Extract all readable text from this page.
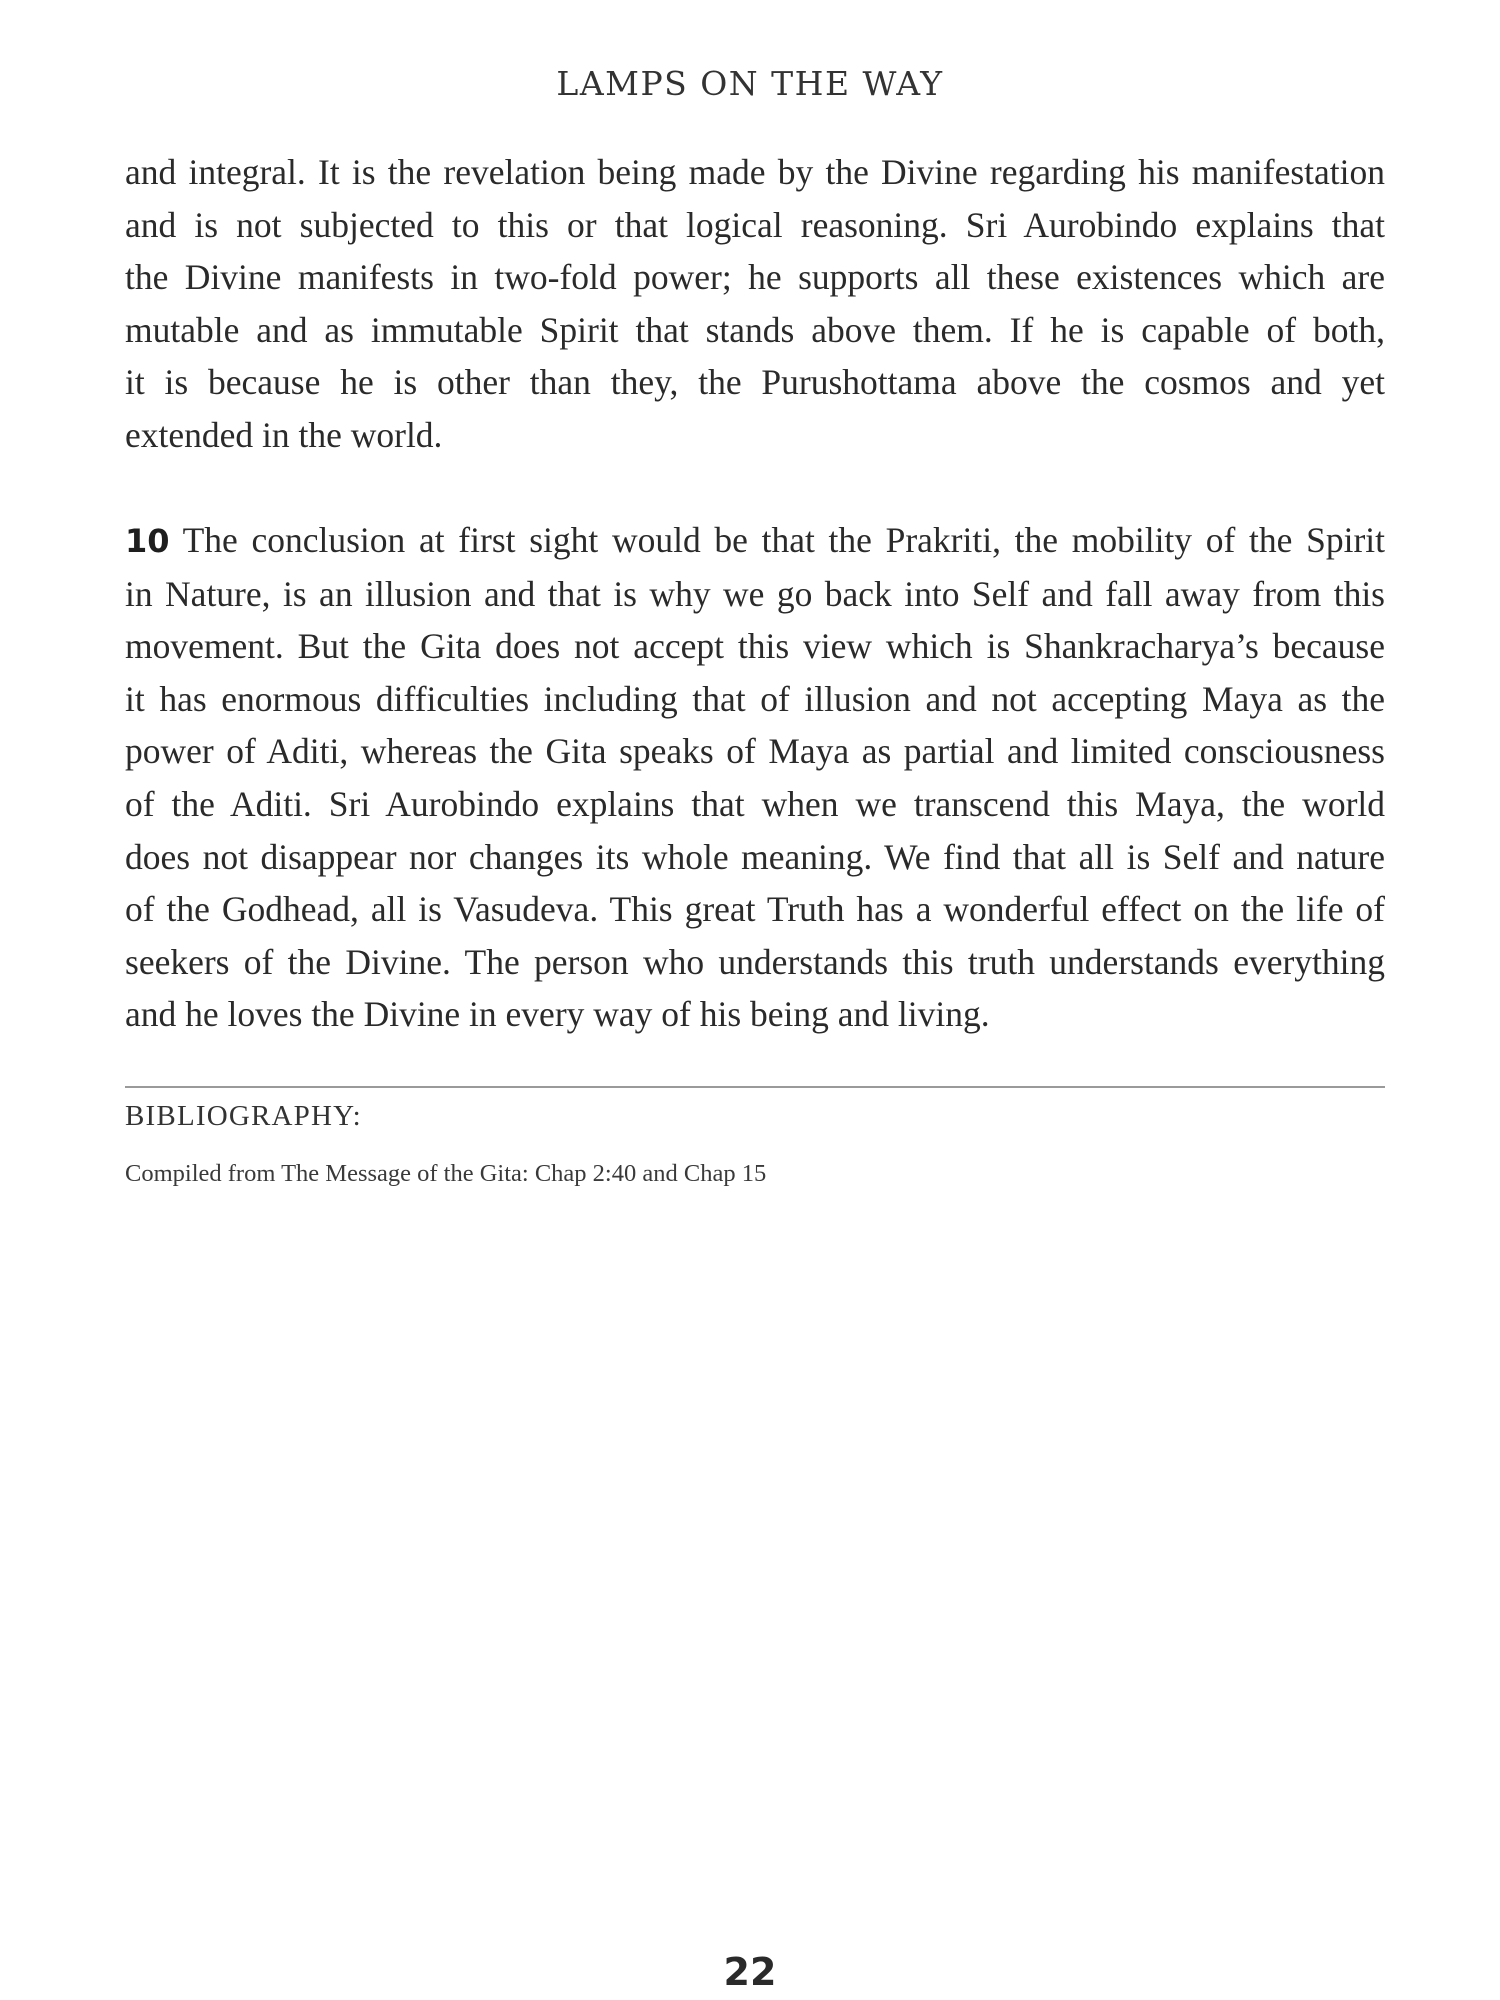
LAMPS ON THE WAY
and integral. It is the revelation being made by the Divine regarding his manifestation
and is not subjected to this or that logical reasoning. Sri Aurobindo explains that
the Divine manifests in two-fold power; he supports all these existences which are
mutable and as immutable Spirit that stands above them. If he is capable of both,
it is because he is other than they, the Purushottama above the cosmos and yet
extended in the world.
10 The conclusion at first sight would be that the Prakriti, the mobility of the Spirit
in Nature, is an illusion and that is why we go back into Self and fall away from this
movement. But the Gita does not accept this view which is Shankracharya’s because
it has enormous difficulties including that of illusion and not accepting Maya as the
power of Aditi, whereas the Gita speaks of Maya as partial and limited consciousness
of the Aditi. Sri Aurobindo explains that when we transcend this Maya, the world
does not disappear nor changes its whole meaning. We find that all is Self and nature
of the Godhead, all is Vasudeva. This great Truth has a wonderful effect on the life of
seekers of the Divine. The person who understands this truth understands everything
and he loves the Divine in every way of his being and living.
BIBLIOGRAPHY:
Compiled from The Message of the Gita: Chap 2:40 and Chap 15
22
